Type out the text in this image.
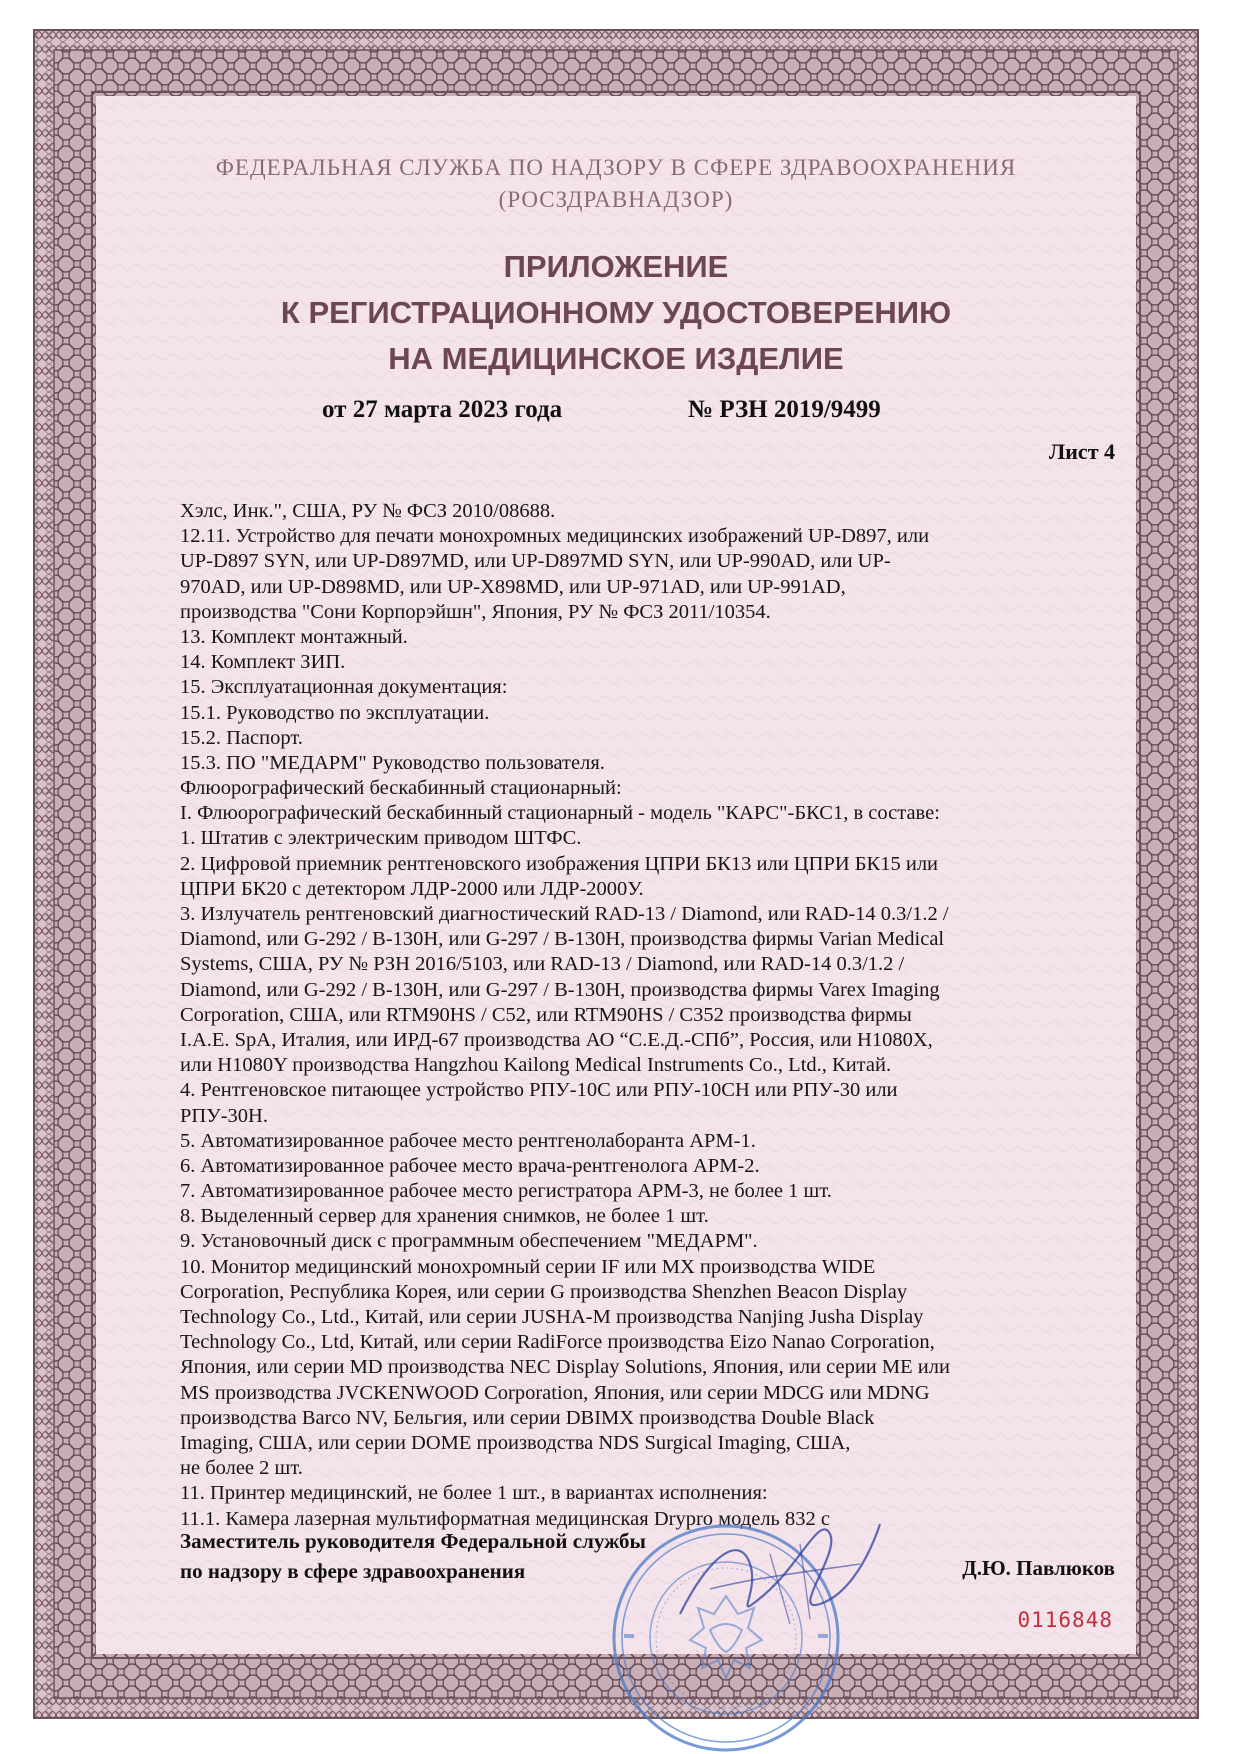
ФЕДЕРАЛЬНАЯ СЛУЖБА ПО НАДЗОРУ В СФЕРЕ ЗДРАВООХРАНЕНИЯ
(РОСЗДРАВНАДЗОР)
ПРИЛОЖЕНИЕ
К РЕГИСТРАЦИОННОМУ УДОСТОВЕРЕНИЮ
НА МЕДИЦИНСКОЕ ИЗДЕЛИЕ
от 27 марта 2023 года	№ РЗН 2019/9499
Лист 4
Хэлс, Инк.", США, РУ № ФСЗ 2010/08688.
12.11. Устройство для печати монохромных медицинских изображений UP-D897, или
UP-D897 SYN, или UP-D897MD, или UP-D897MD SYN, или UP-990AD, или UP-
970AD, или UP-D898MD, или UP-X898MD, или UP-971AD, или UP-991AD,
производства "Сони Корпорэйшн", Япония, РУ № ФСЗ 2011/10354.
13. Комплект монтажный.
14. Комплект ЗИП.
15. Эксплуатационная документация:
15.1. Руководство по эксплуатации.
15.2. Паспорт.
15.3. ПО "МЕДАРМ" Руководство пользователя.
Флюорографический бескабинный стационарный:
I. Флюорографический бескабинный стационарный - модель "КАРС"-БКС1, в составе:
1. Штатив с электрическим приводом ШТФС.
2. Цифровой приемник рентгеновского изображения ЦПРИ БК13 или ЦПРИ БК15 или
ЦПРИ БК20 с детектором ЛДР-2000 или ЛДР-2000У.
3. Излучатель рентгеновский диагностический RAD-13 / Diamond, или RAD-14 0.3/1.2 /
Diamond, или G-292 / B-130H, или G-297 / B-130H, производства фирмы Varian Medical
Systems, США, РУ № РЗН 2016/5103, или RAD-13 / Diamond, или RAD-14 0.3/1.2 /
Diamond, или G-292 / B-130H, или G-297 / B-130H, производства фирмы Varex Imaging
Corporation, США, или RTM90HS / C52, или RTM90HS / C352 производства фирмы
I.A.E. SpA, Италия, или ИРД-67 производства АО “С.Е.Д.-СПб”, Россия, или H1080X,
или H1080Y производства Hangzhou Kailong Medical Instruments Co., Ltd., Китай.
4. Рентгеновское питающее устройство РПУ-10С или РПУ-10СН или РПУ-30 или
РПУ-30Н.
5. Автоматизированное рабочее место рентгенолаборанта АРМ-1.
6. Автоматизированное рабочее место врача-рентгенолога АРМ-2.
7. Автоматизированное рабочее место регистратора АРМ-3, не более 1 шт.
8. Выделенный сервер для хранения снимков, не более 1 шт.
9. Установочный диск с программным обеспечением "МЕДАРМ".
10. Монитор медицинский монохромный серии IF или MX производства WIDE
Corporation, Республика Корея, или серии G производства Shenzhen Beacon Display
Technology Co., Ltd., Китай, или серии JUSHA-M производства Nanjing Jusha Display
Technology Co., Ltd, Китай, или серии RadiForce производства Eizo Nanao Corporation,
Япония, или серии MD производства NEC Display Solutions, Япония, или серии ME или
MS производства JVCKENWOOD Corporation, Япония, или серии MDCG или MDNG
производства Barco NV, Бельгия, или серии DBIMX производства Double Black
Imaging, США, или серии DOME производства NDS Surgical Imaging, США,
не более 2 шт.
11. Принтер медицинский, не более 1 шт., в вариантах исполнения:
11.1. Камера лазерная мультиформатная медицинская Drypro модель 832 с
Заместитель руководителя Федеральной службы
по надзору в сфере здравоохранения	Д.Ю. Павлюков
0116848
